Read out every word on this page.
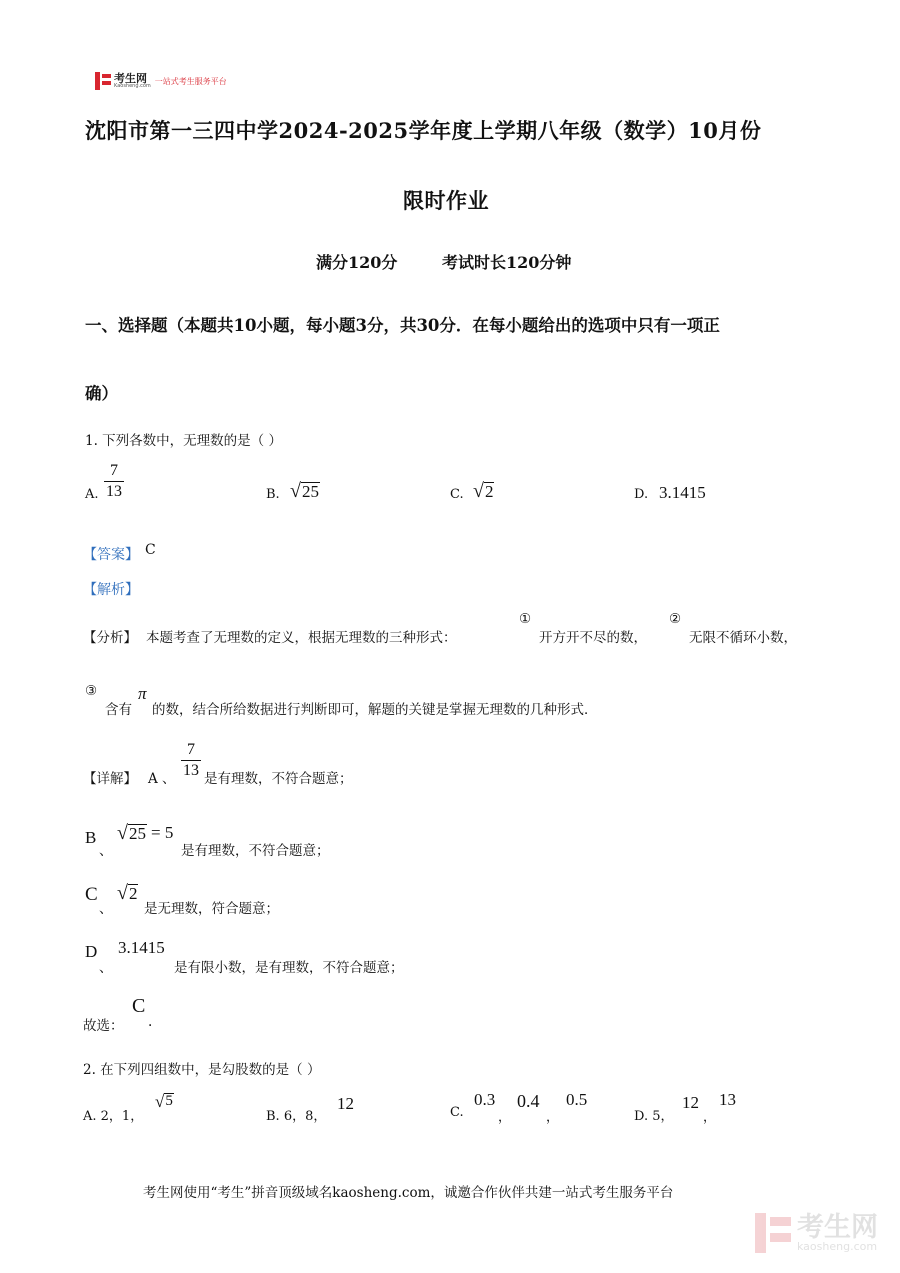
考生网
Kaosheng.com
一站式考生服务平台
沈阳市第一三四中学2024-2025学年度上学期八年级（数学）10月份
限时作业
满分120分	考试时长120分钟
一、选择题（本题共10小题，每小题3分，共30分．在每小题给出的选项中只有一项正
确）
1. 下列各数中，无理数的是（ ）
A. $\frac{7}{13}$	B. √ 25	C. √ 2	D. 3.1415
【答案】 C
【解析】
【分析】 本题考查了无理数的定义，根据无理数的三种形式：
①
开方开不尽的数，
②
无限不循环小数，
③
含有
π
的数，结合所给数据进行判断即可，解题的关键是掌握无理数的几种形式．
【详解】 A 、 $\frac{7}{13}$ 是有理数，不符合题意；
B
、
√ 25 = 5
是有理数，不符合题意；
C
、
√ 2
是无理数，符合题意；
D
、
3.1415
是有限小数，是有理数，不符合题意；
故选：
C
.
2. 在下列四组数中，是勾股数的是（ ）
A. 2，1，
√ 5
B. 6，8，
12	C.
0.3
，
0.4
，
0.5
D. 5，
12
，
13
考生网使用“考生”拼音顶级域名kaosheng.com，诚邀合作伙伴共建一站式考生服务平台
考生网
kaosheng.com
